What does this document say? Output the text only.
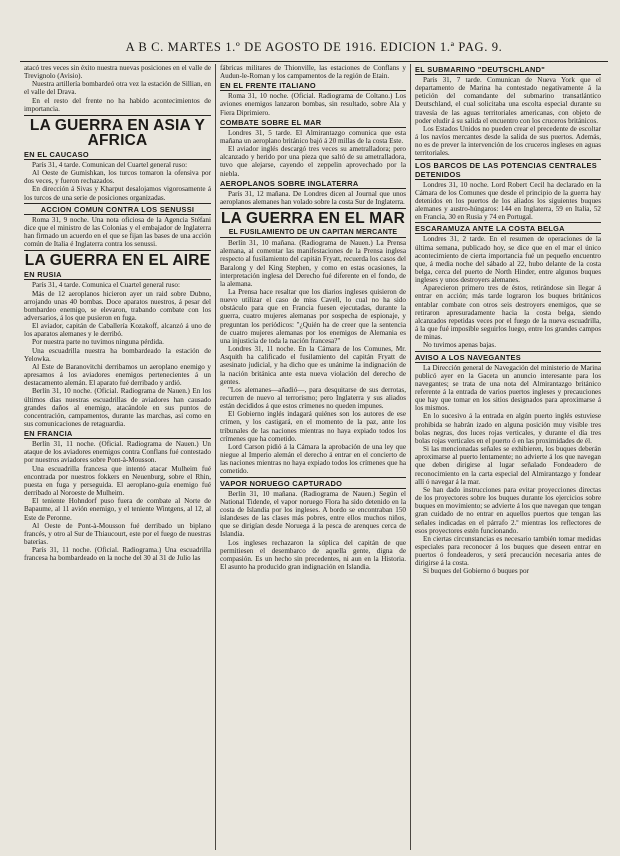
A B C. MARTES 1.º DE AGOSTO DE 1916. EDICION 1.ª PAG. 9.

atacó tres veces sin éxito nuestra nuevas posiciones en el valle de Trevignolo (Avisio).

Nuestra artillería bombardeó otra vez la estación de Sillian, en el valle del Drava.

En el resto del frente no ha habido acontecimientos de importancia.

LA GUERRA EN ASIA Y AFRICA
EN EL CAUCASO

París 31, 4 tarde. Comunican del Cuartel general ruso:

Al Oeste de Gumishkan, los turcos tomaron la ofensiva por dos veces, y fueron rechazados.

En dirección á Sivas y Kharput desalojamos vigorosamente á los turcos de una serie de posiciones organizadas.

ACCION COMUN CONTRA LOS SENUSSI

Roma 31, 9 noche. Una nota oficiosa de la Agencia Stéfani dice que el ministro de las Colonias y el embajador de Inglaterra han firmado un acuerdo en el que se fijan las bases de una acción común de Italia é Inglaterra contra los senussi.

LA GUERRA EN EL AIRE
EN RUSIA

París 31, 4 tarde. Comunica el Cuartel general ruso:

Más de 12 aeroplanos hicieron ayer un raid sobre Dubno, arrojando unas 40 bombas. Doce aparatos nuestros, á pesar del bombardeo enemigo, se elevaron, trabando combate con los adversarios, á los que pusieron en fuga.

El aviador, capitán de Caballería Kozakoff, alcanzó á uno de los aparatos alemanes y le derribó.

Por nuestra parte no tuvimos ninguna pérdida.

Una escuadrilla nuestra ha bombardeado la estación de Yelowka.

Al Este de Baranovitchi derribamos un aeroplano enemigo y apresamos á los aviadores enemigos pertenecientes á un destacamento alemán. El aparato fué derribado y ardió.

Berlín 31, 10 noche. (Oficial. Radiograma de Nauen.) En los últimos días nuestras escuadrillas de aviadores han causado grandes daños al enemigo, atacándole en sus puntos de concentración, campamentos, durante las marchas, así como en sus comunicaciones de retaguardia.

EN FRANCIA

Berlín 31, 11 noche. (Oficial. Radiograma de Nauen.) Un ataque de los aviadores enemigos contra Conflans fué contestado por nuestros aviadores sobre Pont-à-Mousson.

Una escuadrilla francesa que intentó atacar Mulheim fué encontrada por nuestros fokkers en Neuenburg, sobre el Rhin, puesta en fuga y perseguida. El aeroplano-guía enemigo fué derribado al Noroeste de Mulheim.

El teniente Hohndorf puso fuera de combate al Norte de Bapaume, al 11 avión enemigo, y el teniente Wintgens, al 12, al Este de Peronne.

Al Oeste de Pont-à-Mousson fué derribado un biplano francés, y otro al Sur de Thiaucourt, este por el fuego de nuestras baterías.

París 31, 11 noche. (Oficial. Radiograma.) Una escuadrilla francesa ha bombardeado en la noche del 30 al 31 de Julio las

fábricas militares de Thionville, las estaciones de Conflans y Audun-le-Roman y los campamentos de la región de Etain.

EN EL FRENTE ITALIANO

Roma 31, 10 noche. (Oficial. Radiograma de Coltano.) Los aviones enemigos lanzaron bombas, sin resultado, sobre Ala y Fiera Diprimiero.

COMBATE SOBRE EL MAR

Londres 31, 5 tarde. El Almirantazgo comunica que esta mañana un aeroplano británico bajó á 20 millas de la costa Este.

El aviador inglés descargó tres veces su ametralladora; pero alcanzado y herido por una pieza que saltó de su ametralladora, tuvo que alejarse, cayendo el zeppelin aprovechado por la niebla.

AEROPLANOS SOBRE INGLATERRA

París 31, 12 mañana. De Londres dicen al Journal que unos aeroplanos alemanes han volado sobre la costa Sur de Inglaterra.

LA GUERRA EN EL MAR
EL FUSILAMIENTO DE UN CAPITAN MERCANTE

Berlín 31, 10 mañana. (Radiograma de Nauen.) La Prensa alemana, al comentar las manifestaciones de la Prensa inglesa respecto al fusilamiento del capitán Fryatt, recuerda los casos del Baralong y del King Stephen, y como en estas ocasiones, la interpretación inglesa del Derecho fué diferente en el fondo, de la alemana.

La Prensa hace resaltar que los diarios ingleses quisieron de nuevo utilizar el caso de miss Cavell, lo cual no ha sido obstáculo para que en Francia fuesen ejecutadas, durante la guerra, cuatro mujeres alemanas por sospecha de espionaje, y preguntan los periódicos: "¿Quién ha de creer que la sentencia de cuatro mujeres alemanas por los enemigos de Alemania es una injusticia de toda la nación francesa?"

Londres 31, 11 noche. En la Cámara de los Comunes, Mr. Asquith ha calificado el fusilamiento del capitán Fryatt de asesinato judicial, y ha dicho que es unánime la indignación de la nación británica ante esta nueva violación del derecho de gentes.

"Los alemanes—añadió—, para desquitarse de sus derrotas, recurren de nuevo al terrorismo; pero Inglaterra y sus aliados están decididos á que estos crímenes no queden impunes.

El Gobierno inglés indagará quiénes son los autores de ese crimen, y los castigará, en el momento de la paz, ante los tribunales de las naciones mientras no haya expiado todos los crímenes que ha cometido.

Lord Carson pidió á la Cámara la aprobación de una ley que niegue al Imperio alemán el derecho á entrar en el concierto de las naciones mientras no haya expiado todos los crímenes que ha cometido.

VAPOR NORUEGO CAPTURADO

Berlín 31, 10 mañana. (Radiograma de Nauen.) Según el National Tidende, el vapor noruego Flora ha sido detenido en la costa de Islandia por los ingleses. A bordo se encontraban 150 islandeses de las clases más pobres, entre ellos muchos niños, que se dirigían desde Noruega á la pesca de arenques cerca de Islandia.

Los ingleses rechazaron la súplica del capitán de que permitiesen el desembarco de aquella gente, digna de compasión. Es un hecho sin precedentes, ni aun en la Historia. El asunto ha producido gran indignación en Islandia.

EL SUBMARINO "DEUTSCHLAND"

París 31, 7 tarde. Comunican de Nueva York que el departamento de Marina ha contestado negativamente á la petición del comandante del submarino transatlántico Deutschland, el cual solicitaba una escolta especial durante su travesía de las aguas territoriales americanas, con objeto de poder eludir á su salida el encuentro con los cruceros británicos.

Los Estados Unidos no pueden crear el precedente de escoltar á los navíos mercantes desde la salida de sus puertos. Además, no es de prever la intervención de los cruceros ingleses en aguas territoriales.

LOS BARCOS DE LAS POTENCIAS CENTRALES DETENIDOS

Londres 31, 10 noche. Lord Robert Cecil ha declarado en la Cámara de los Comunes que desde el principio de la guerra hay detenidos en los puertos de los aliados los siguientes buques alemanes y austro-húngaros: 144 en Inglaterra, 59 en Italia, 52 en Francia, 30 en Rusia y 74 en Portugal.

ESCARAMUZA ANTE LA COSTA BELGA

Londres 31, 2 tarde. En el resumen de operaciones de la última semana, publicado hoy, se dice que en el mar el único acontecimiento de cierta importancia fué un pequeño encuentro que, á media noche del sábado al 22, hubo delante de la costa belga, cerca del puerto de North Hinder, entre algunos buques ingleses y unos destroyers alemanes.

Aparecieron primero tres de éstos, retirándose sin llegar á entrar en acción; más tarde lograron los buques británicos entablar combate con otros seis destroyers enemigos, que se retiraron apresuradamente hacia la costa belga, siendo alcanzados repetidas veces por el fuego de la nueva escuadrilla, á la que fué imposible seguirlos luego, entre los grandes campos de minas.

No tuvimos apenas bajas.

AVISO A LOS NAVEGANTES

La Dirección general de Navegación del ministerio de Marina publicó ayer en la Gaceta un anuncio interesante para los navegantes; se trata de una nota del Almirantazgo británico referente á la entrada de varios puertos ingleses y precauciones que hay que tomar en los sitios designados para aproximarse á los mismos.

En lo sucesivo á la entrada en algún puerto inglés estuviese prohibida se habrán izado en alguna posición muy visible tres bolas negras, dos luces rojas verticales, y durante el día tres bolas rojas verticales en el puerto ó en las proximidades de él.

Si las mencionadas señales se exhibieren, los buques deberán aproximarse al puerto lentamente; no advierte á los que navegan que deben dirigirse al lugar señalado Fondeadero de reconocimiento en la carta especial del Almirantazgo y fondear allí ó navegar á la mar.

Se han dado instrucciones para evitar proyecciones directas de los proyectores sobre los buques durante los ejercicios sobre buques en movimiento; se advierte á los que navegan que tengan gran cuidado de no entrar en aquellos puertos que tengan las señales indicadas en el párrafo 2.º mientras los reflectores de esos proyectores estén funcionando.

En ciertas circunstancias es necesario también tomar medidas especiales para reconocer á los buques que deseen entrar en puertos ó fondeaderos, y será precaución necesaria antes de dirigirse á la costa.

Si buques del Gobierno ó buques por
